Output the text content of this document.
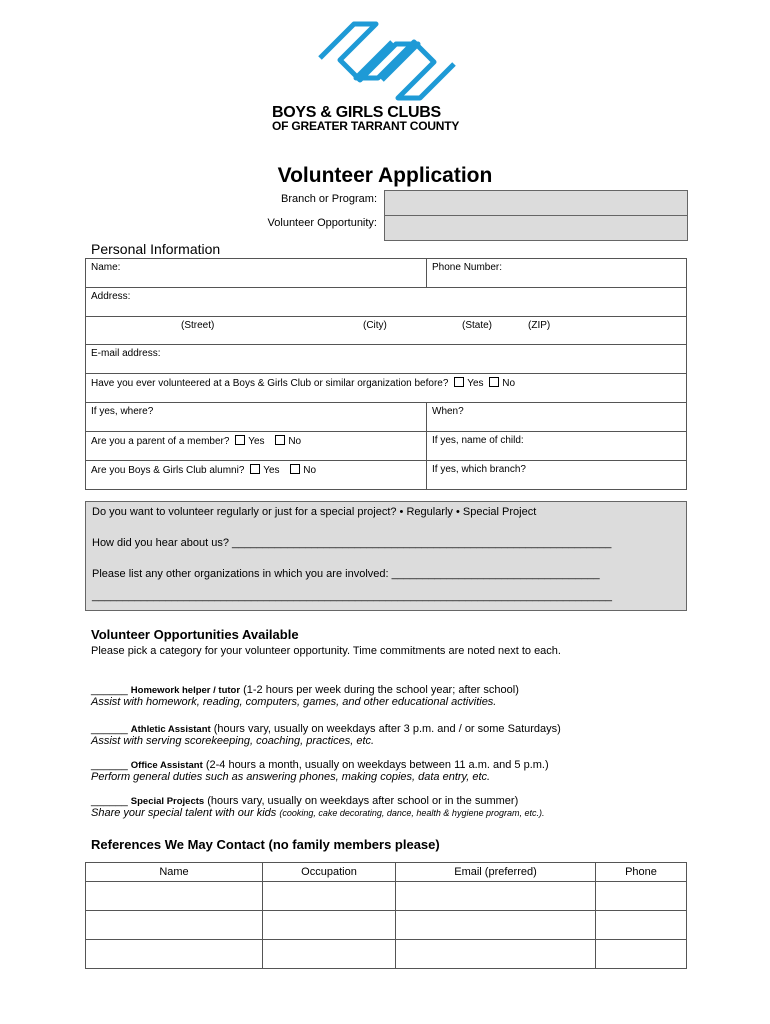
BOYS & GIRLS CLUBS
OF GREATER TARRANT COUNTY
Volunteer Application
Branch or Program:
Volunteer Opportunity:
Personal Information
Name:	Phone Number:
Address:	

(Street) (City) (State) (ZIP)	

E-mail address:	
Have you ever volunteered at a Boys & Girls Club or similar organization before? Yes No	
If yes, where?	When?
Are you a parent of a member? Yes No	If yes, name of child:
Are you Boys & Girls Club alumni? Yes No	If yes, which branch?
Do you want to volunteer regularly or just for a special project? • Regularly • Special Project
How did you hear about us? ______________________________________________________________
Please list any other organizations in which you are involved: __________________________________
_____________________________________________________________________________________
Volunteer Opportunities Available
Please pick a category for your volunteer opportunity. Time commitments are noted next to each.
______ Homework helper / tutor (1-2 hours per week during the school year; after school)
Assist with homework, reading, computers, games, and other educational activities.
______ Athletic Assistant (hours vary, usually on weekdays after 3 p.m. and / or some Saturdays)
Assist with serving scorekeeping, coaching, practices, etc.
______ Office Assistant (2-4 hours a month, usually on weekdays between 11 a.m. and 5 p.m.)
Perform general duties such as answering phones, making copies, data entry, etc.
______ Special Projects (hours vary, usually on weekdays after school or in the summer)
Share your special talent with our kids (cooking, cake decorating, dance, health & hygiene program, etc.).
References We May Contact (no family members please)
Name	Occupation	Email (preferred)	Phone
